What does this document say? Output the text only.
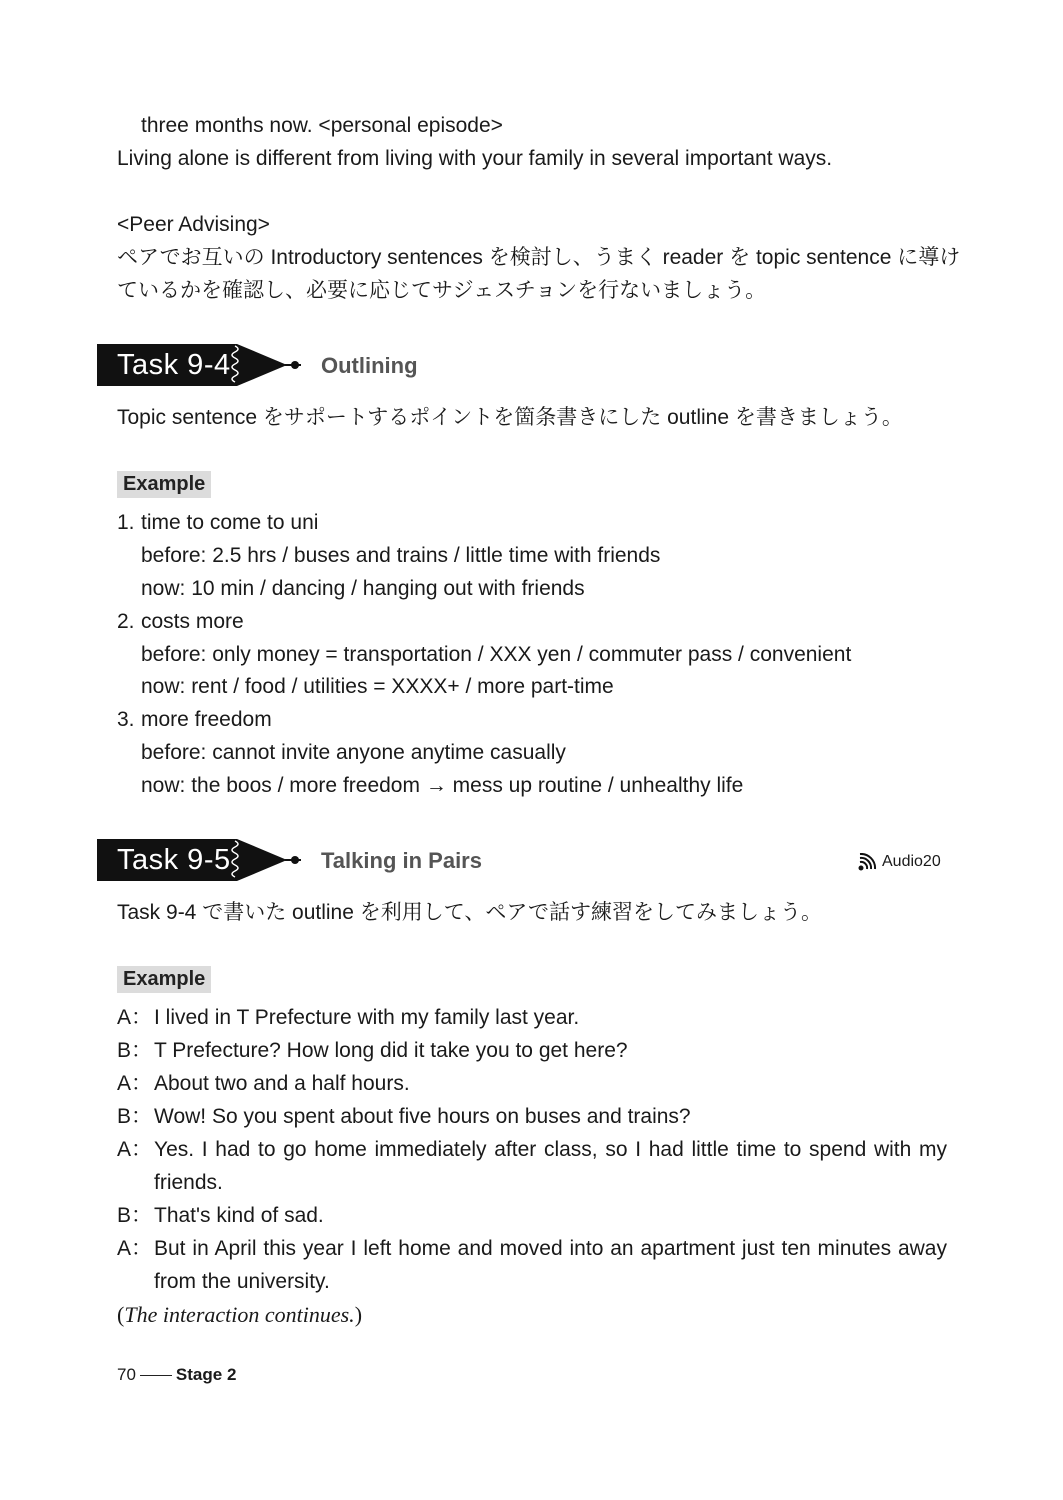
three months now. <personal episode>
Living alone is different from living with your family in several important ways.
<Peer Advising>
ペアでお互いの Introductory sentences を検討し、うまく reader を topic sentence に導け
ているかを確認し、必要に応じてサジェスチョンを行ないましょう。
Task 9-4	Outlining
Topic sentence をサポートするポイントを箇条書きにした outline を書きましょう。
Example
1. time to come to uni
before: 2.5 hrs / buses and trains / little time with friends
now: 10 min / dancing / hanging out with friends
2. costs more
before: only money = transportation / XXX yen / commuter pass / convenient
now: rent / food / utilities = XXXX+ / more part-time
3. more freedom
before: cannot invite anyone anytime casually
now: the boos / more freedom → mess up routine / unhealthy life
Task 9-5	Talking in Pairs	Audio20
Task 9-4 で書いた outline を利用して、ペアで話す練習をしてみましょう。
Example
A： I lived in T Prefecture with my family last year.
B： T Prefecture? How long did it take you to get here?
A： About two and a half hours.
B： Wow! So you spent about five hours on buses and trains?
A： Yes. I had to go home immediately after class, so I had little time to spend with my friends.
B： That's kind of sad.
A： But in April this year I left home and moved into an apartment just ten minutes away from the university.
(The interaction continues.)
70 Stage 2
